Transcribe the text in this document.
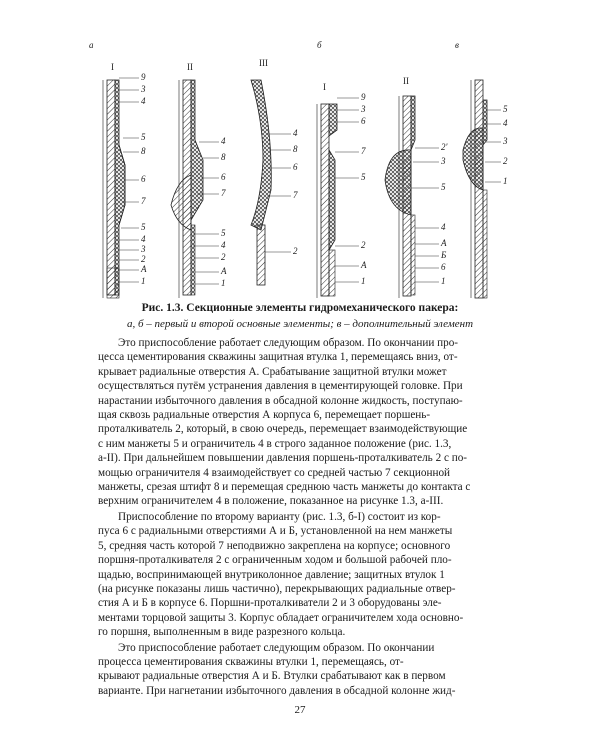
а	б	в
I	II	III
I
II
9
3
4
5
8
6
7
5
4
3
2
А
1
4
8
6
7
5
4
2
А
1
4
8
6
7
2
9
3
6
7
5
2
А
1
2'
3
5
4
А
Б
6
1
5
4
3
2
1
Рис. 1.3. Секционные элементы гидромеханического пакера:
а, б – первый и второй основные элементы; в – дополнительный элемент

Это приспособление работает следующим образом. По окончании про-
цесса цементирования скважины защитная втулка 1, перемещаясь вниз, от-
крывает радиальные отверстия А. Срабатывание защитной втулки может
осуществляться путём устранения давления в цементирующей головке. При
нарастании избыточного давления в обсадной колонне жидкость, поступаю-
щая сквозь радиальные отверстия А корпуса 6, перемещает поршень-
проталкиватель 2, который, в свою очередь, перемещает взаимодействующие
с ним манжеты 5 и ограничитель 4 в строго заданное положение (рис. 1.3,
а-II). При дальнейшем повышении давления поршень-проталкиватель 2 с по-
мощью ограничителя 4 взаимодействует со средней частью 7 секционной
манжеты, срезая штифт 8 и перемещая среднюю часть манжеты до контакта с
верхним ограничителем 4 в положение, показанное на рисунке 1.3, а-III.

Приспособление по второму варианту (рис. 1.3, б-I) состоит из кор-
пуса 6 с радиальными отверстиями А и Б, установленной на нем манжеты
5, средняя часть которой 7 неподвижно закреплена на корпусе; основного
поршня-проталкивателя 2 с ограниченным ходом и большой рабочей пло-
щадью, воспринимающей внутриколонное давление; защитных втулок 1
(на рисунке показаны лишь частично), перекрывающих радиальные отвер-
стия А и Б в корпусе 6. Поршни-проталкиватели 2 и 3 оборудованы эле-
ментами торцовой защиты 3. Корпус обладает ограничителем хода основно-
го поршня, выполненным в виде разрезного кольца.

Это приспособление работает следующим образом. По окончании
процесса цементирования скважины втулки 1, перемещаясь, от-
крывают радиальные отверстия А и Б. Втулки срабатывают как в первом
варианте. При нагнетании избыточного давления в обсадной колонне жид-

27
